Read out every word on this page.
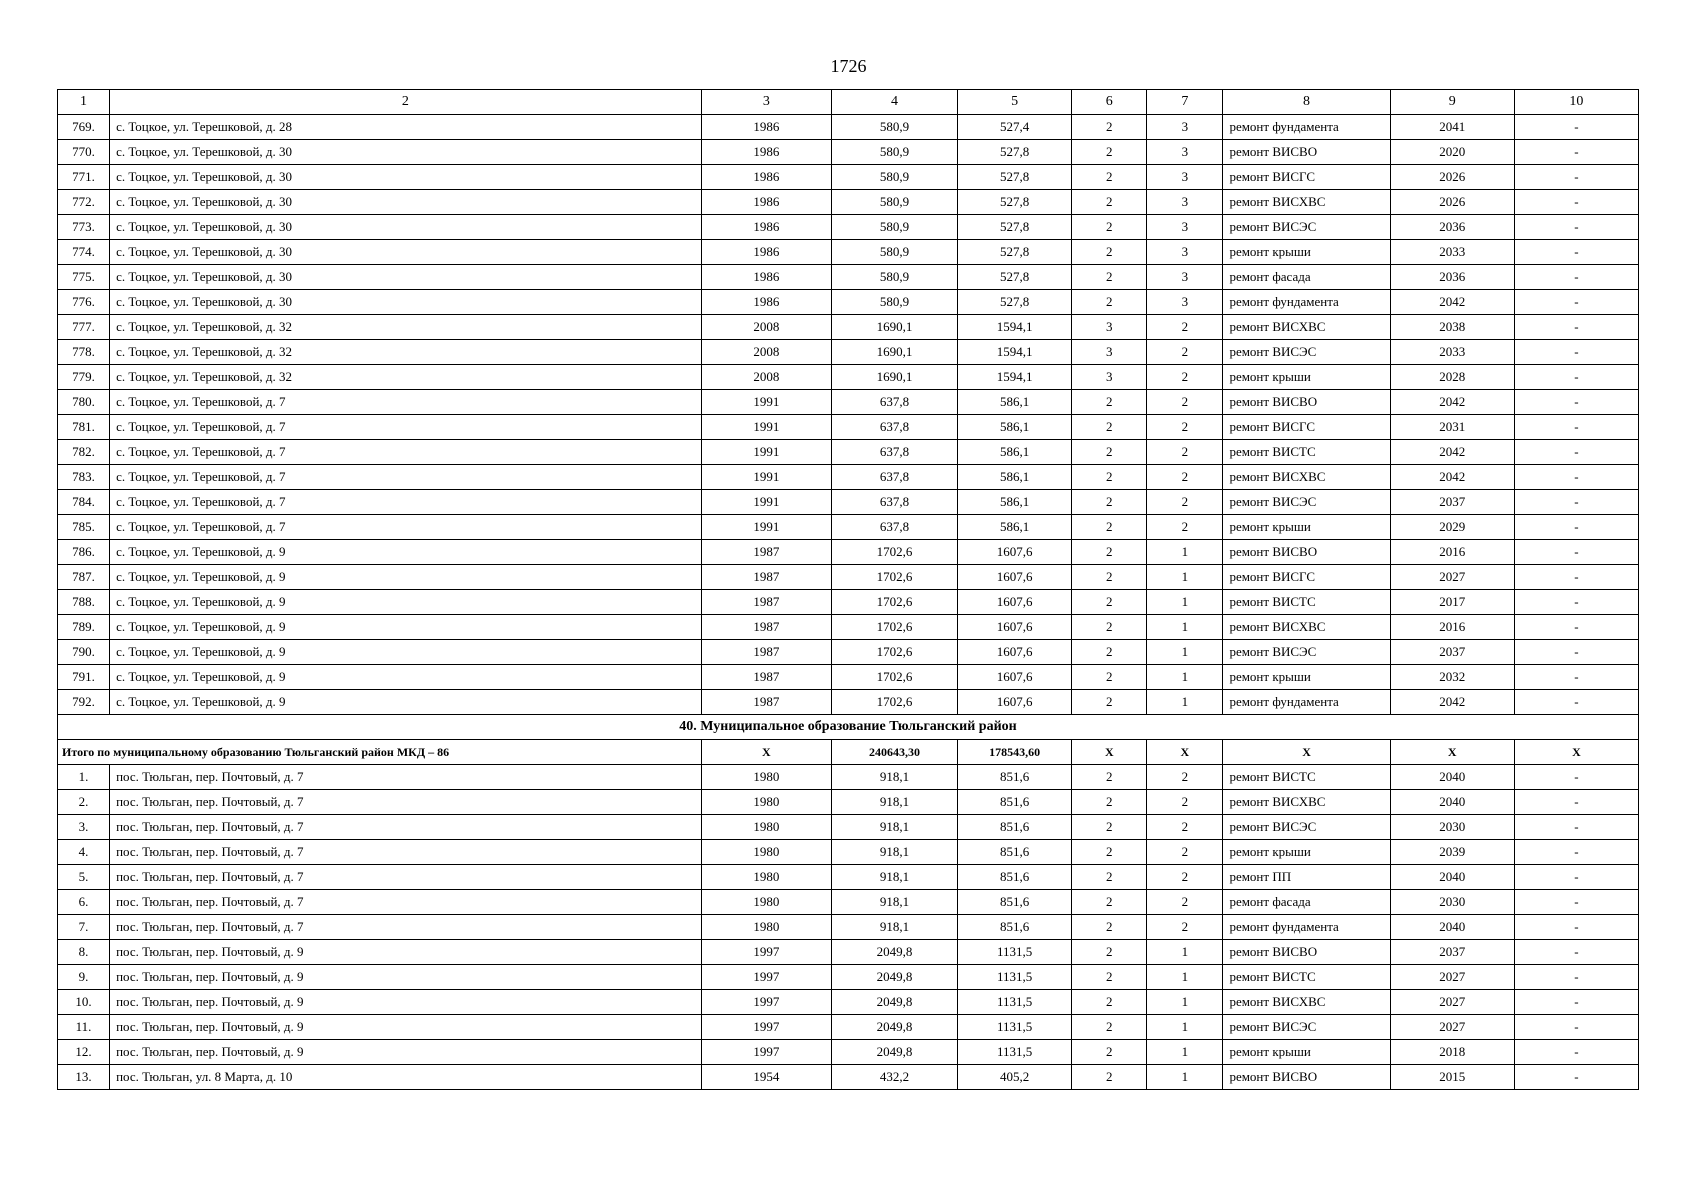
1726
1	2	3	4	5	6	7	8	9	10
769.	с. Тоцкое, ул. Терешковой, д. 28	1986	580,9	527,4	2	3	ремонт фундамента	2041	-
770.	с. Тоцкое, ул. Терешковой, д. 30	1986	580,9	527,8	2	3	ремонт ВИСВО	2020	-
771.	с. Тоцкое, ул. Терешковой, д. 30	1986	580,9	527,8	2	3	ремонт ВИСГС	2026	-
772.	с. Тоцкое, ул. Терешковой, д. 30	1986	580,9	527,8	2	3	ремонт ВИСХВС	2026	-
773.	с. Тоцкое, ул. Терешковой, д. 30	1986	580,9	527,8	2	3	ремонт ВИСЭС	2036	-
774.	с. Тоцкое, ул. Терешковой, д. 30	1986	580,9	527,8	2	3	ремонт крыши	2033	-
775.	с. Тоцкое, ул. Терешковой, д. 30	1986	580,9	527,8	2	3	ремонт фасада	2036	-
776.	с. Тоцкое, ул. Терешковой, д. 30	1986	580,9	527,8	2	3	ремонт фундамента	2042	-
777.	с. Тоцкое, ул. Терешковой, д. 32	2008	1690,1	1594,1	3	2	ремонт ВИСХВС	2038	-
778.	с. Тоцкое, ул. Терешковой, д. 32	2008	1690,1	1594,1	3	2	ремонт ВИСЭС	2033	-
779.	с. Тоцкое, ул. Терешковой, д. 32	2008	1690,1	1594,1	3	2	ремонт крыши	2028	-
780.	с. Тоцкое, ул. Терешковой, д. 7	1991	637,8	586,1	2	2	ремонт ВИСВО	2042	-
781.	с. Тоцкое, ул. Терешковой, д. 7	1991	637,8	586,1	2	2	ремонт ВИСГС	2031	-
782.	с. Тоцкое, ул. Терешковой, д. 7	1991	637,8	586,1	2	2	ремонт ВИСТС	2042	-
783.	с. Тоцкое, ул. Терешковой, д. 7	1991	637,8	586,1	2	2	ремонт ВИСХВС	2042	-
784.	с. Тоцкое, ул. Терешковой, д. 7	1991	637,8	586,1	2	2	ремонт ВИСЭС	2037	-
785.	с. Тоцкое, ул. Терешковой, д. 7	1991	637,8	586,1	2	2	ремонт крыши	2029	-
786.	с. Тоцкое, ул. Терешковой, д. 9	1987	1702,6	1607,6	2	1	ремонт ВИСВО	2016	-
787.	с. Тоцкое, ул. Терешковой, д. 9	1987	1702,6	1607,6	2	1	ремонт ВИСГС	2027	-
788.	с. Тоцкое, ул. Терешковой, д. 9	1987	1702,6	1607,6	2	1	ремонт ВИСТС	2017	-
789.	с. Тоцкое, ул. Терешковой, д. 9	1987	1702,6	1607,6	2	1	ремонт ВИСХВС	2016	-
790.	с. Тоцкое, ул. Терешковой, д. 9	1987	1702,6	1607,6	2	1	ремонт ВИСЭС	2037	-
791.	с. Тоцкое, ул. Терешковой, д. 9	1987	1702,6	1607,6	2	1	ремонт крыши	2032	-
792.	с. Тоцкое, ул. Терешковой, д. 9	1987	1702,6	1607,6	2	1	ремонт фундамента	2042	-
40. Муниципальное образование Тюльганский район									
Итого по муниципальному образованию Тюльганский район МКД – 86		Х	240643,30	178543,60	Х	Х	Х	Х	Х
1.	пос. Тюльган, пер. Почтовый, д. 7	1980	918,1	851,6	2	2	ремонт ВИСТС	2040	-
2.	пос. Тюльган, пер. Почтовый, д. 7	1980	918,1	851,6	2	2	ремонт ВИСХВС	2040	-
3.	пос. Тюльган, пер. Почтовый, д. 7	1980	918,1	851,6	2	2	ремонт ВИСЭС	2030	-
4.	пос. Тюльган, пер. Почтовый, д. 7	1980	918,1	851,6	2	2	ремонт крыши	2039	-
5.	пос. Тюльган, пер. Почтовый, д. 7	1980	918,1	851,6	2	2	ремонт ПП	2040	-
6.	пос. Тюльган, пер. Почтовый, д. 7	1980	918,1	851,6	2	2	ремонт фасада	2030	-
7.	пос. Тюльган, пер. Почтовый, д. 7	1980	918,1	851,6	2	2	ремонт фундамента	2040	-
8.	пос. Тюльган, пер. Почтовый, д. 9	1997	2049,8	1131,5	2	1	ремонт ВИСВО	2037	-
9.	пос. Тюльган, пер. Почтовый, д. 9	1997	2049,8	1131,5	2	1	ремонт ВИСТС	2027	-
10.	пос. Тюльган, пер. Почтовый, д. 9	1997	2049,8	1131,5	2	1	ремонт ВИСХВС	2027	-
11.	пос. Тюльган, пер. Почтовый, д. 9	1997	2049,8	1131,5	2	1	ремонт ВИСЭС	2027	-
12.	пос. Тюльган, пер. Почтовый, д. 9	1997	2049,8	1131,5	2	1	ремонт крыши	2018	-
13.	пос. Тюльган, ул. 8 Марта, д. 10	1954	432,2	405,2	2	1	ремонт ВИСВО	2015	-
